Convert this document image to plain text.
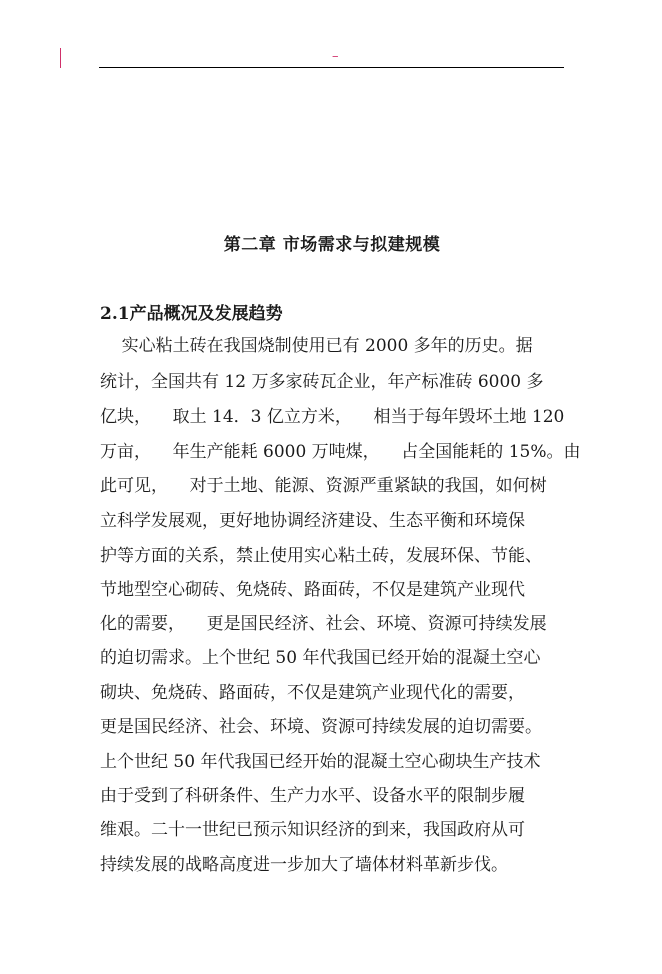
–
第二章 市场需求与拟建规模
2.1产品概况及发展趋势
实心粘土砖在我国烧制使用已有 2000 多年的历史。据
统计，全国共有 12 万多家砖瓦企业，年产标准砖 6000 多
亿块，    取土 14．3 亿立方米，    相当于每年毁坏土地 120
万亩，    年生产能耗 6000 万吨煤，    占全国能耗的 15%。由
此可见，    对于土地、能源、资源严重紧缺的我国，如何树
立科学发展观，更好地协调经济建设、生态平衡和环境保
护等方面的关系，禁止使用实心粘土砖，发展环保、节能、
节地型空心砌砖、免烧砖、路面砖，不仅是建筑产业现代
化的需要，    更是国民经济、社会、环境、资源可持续发展
的迫切需求。上个世纪 50 年代我国已经开始的混凝土空心
砌块、免烧砖、路面砖，不仅是建筑产业现代化的需要，
更是国民经济、社会、环境、资源可持续发展的迫切需要。
上个世纪 50 年代我国已经开始的混凝土空心砌块生产技术
由于受到了科研条件、生产力水平、设备水平的限制步履
维艰。二十一世纪已预示知识经济的到来，我国政府从可
持续发展的战略高度进一步加大了墙体材料革新步伐。
